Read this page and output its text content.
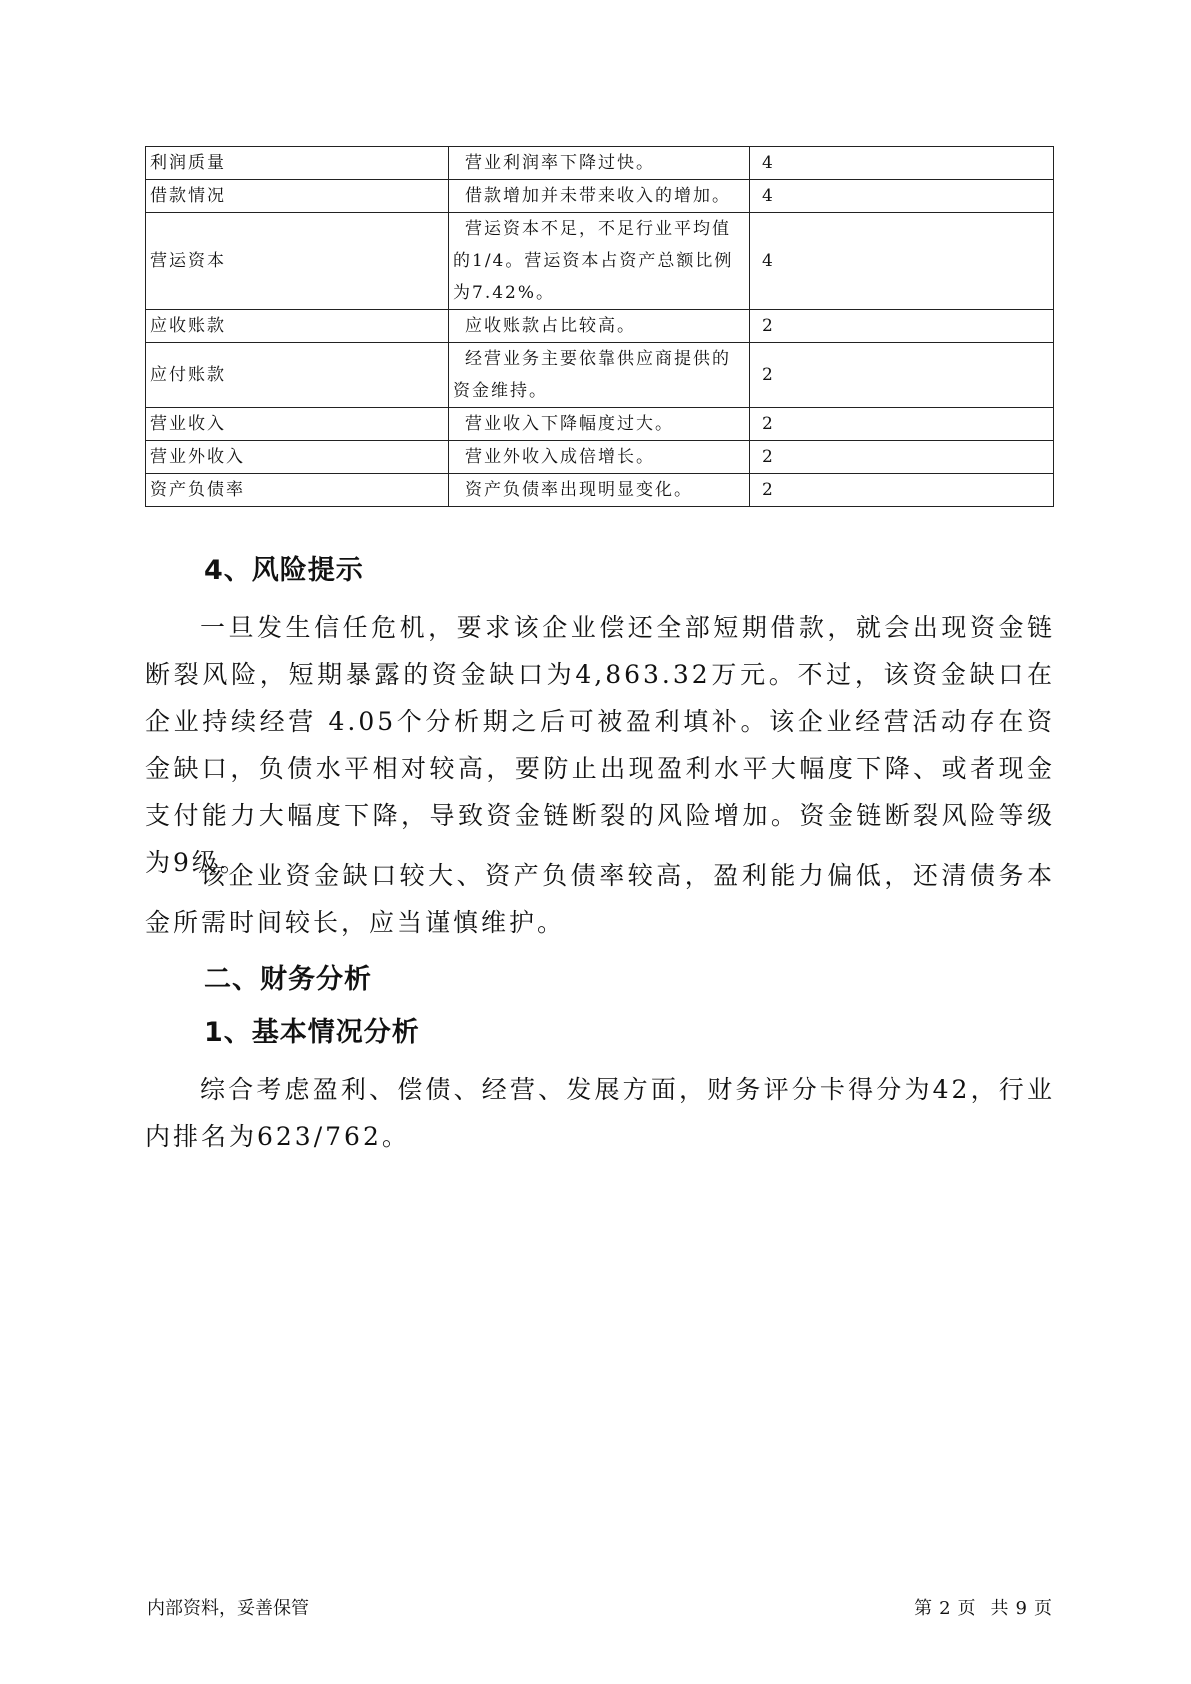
利润质量	营业利润率下降过快。	4
借款情况	借款增加并未带来收入的增加。	4
营运资本	营运资本不足，不足行业平均值的1/4。营运资本占资产总额比例为7.42%。	4
应收账款	应收账款占比较高。	2
应付账款	经营业务主要依靠供应商提供的资金维持。	2
营业收入	营业收入下降幅度过大。	2
营业外收入	营业外收入成倍增长。	2
资产负债率	资产负债率出现明显变化。	2
4、风险提示

一旦发生信任危机，要求该企业偿还全部短期借款，就会出现资金链断裂风险，短期暴露的资金缺口为4,863.32万元。不过，该资金缺口在企业持续经营 4.05个分析期之后可被盈利填补。该企业经营活动存在资金缺口，负债水平相对较高，要防止出现盈利水平大幅度下降、或者现金支付能力大幅度下降，导致资金链断裂的风险增加。资金链断裂风险等级为9级。

该企业资金缺口较大、资产负债率较高，盈利能力偏低，还清债务本金所需时间较长，应当谨慎维护。

二、财务分析
1、基本情况分析

综合考虑盈利、偿债、经营、发展方面，财务评分卡得分为42，行业内排名为623/762。

内部资料，妥善保管	第 2 页 共 9 页
